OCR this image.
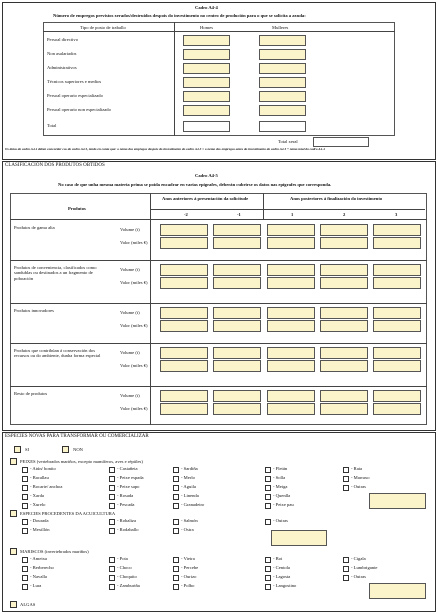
Cadro A4-4
Número de empregos previstos xerados/destruídos despois do investimento no centro de produción para o que se solicita a axuda:
Tipo de posto de traballo	Homes	Mulleres
Persoal directivo
Non asalariados
Administrativos
Técnicos superiores e medios
Persoal operario especializado
Persoal operario non especializado
Total
Total xeral
Os datos do cadro A4.4 deben concordar cos do cadro A4.3, tendo en conta que: o nemo dos empregos despois do investimento do cadro A4.3 = o nemo dos empregos antes do investimento do cadro A4.3 + nemo total do cadro A4.4
CLASIFICACIÓN DOS PRODUTOS OBTIDOS
Cadro A4-5
No caso de que unha mesma materia prima se poida encadrar en varias epígrafes, deberán cubrirse os datos nas epígrafes que corresponda.
Produtos
Anos anteriores á presentación da solicitude	Anos posteriores á finalización do investimento
-2	-1	1	2	3
Produtos de gama alta	Volume (t)
Valor (miles €)
Produtos de conveniencia, clasificados como sandublas ou destinados a un fragmento de poboación
Volume (t)
Valor (miles €)
Produtos innovadores	Volume (t)
Valor (miles €)
Produtos que contribúan á conservación dos recursos ou do ambiente, dunha forma especial
Volume (t)
Valor (miles €)
Resto de produtos	Volume (t)
Valor (miles €)
ESPECIES NOVAS PARA TRANSFORMAR OU COMERCIALIZAR
SI	NON
PEIXES (vertebrados mariños, excepto mamíferos, aves e réptiles)
- Atún/ bonito	- Castañeta	- Sardiña	- Fletán	- Raia
- Bacallau	- Peixe espada	- Merlo	- Solla	- Marraxo
- Bocarte/ anchoa	- Peixe sapo	- Aguila	- Meiga	- Outras
- Xarda	- Rosada	- Linenda	- Quenlla
- Xurelo	- Pescada	- Granadeiro	- Peixe pau
ESPECIES PROCEDENTES DA ACUICULTURA
- Dourada	- Robaliza	- Salmón	- Outras
- Mexillón	- Rodaballo	- Ostra
MARISCOS (invertebrados mariños)
- Ameixa	- Pota	- Vieira	- Boi	- Cigala
- Berberecho	- Choco	- Percebe	- Centola	- Lumbrigante
- Navalla	- Choquito	- Ourizo	- Lagosta	- Outras
- Lura	- Zamburiña	- Polbo	- Langostino
ALGAS
